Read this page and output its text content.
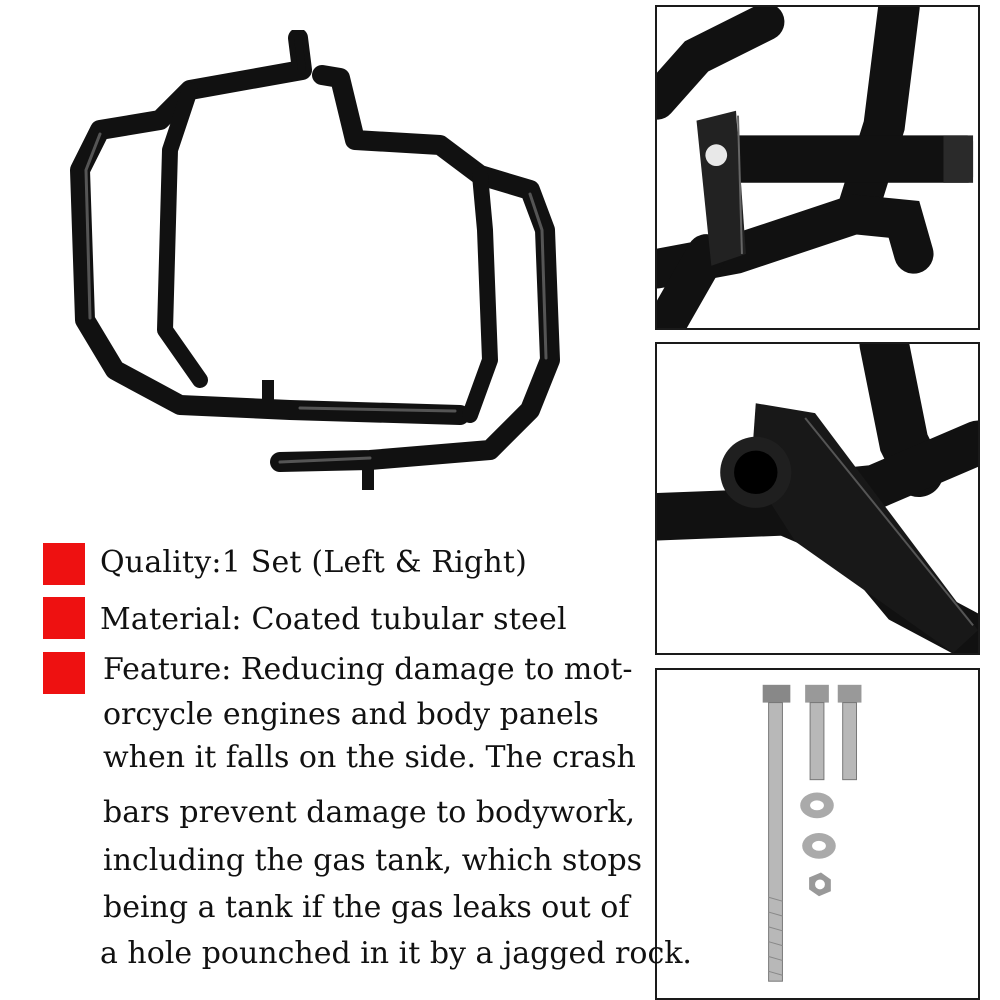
Quality:1 Set (Left & Right)
Material: Coated tubular steel
Feature: Reducing damage to mot-
orcycle engines and body panels
when it falls on the side. The crash
bars prevent damage to bodywork,
including the gas tank, which stops
being a tank if the gas leaks out of
a hole pounched in it by a jagged rock.
